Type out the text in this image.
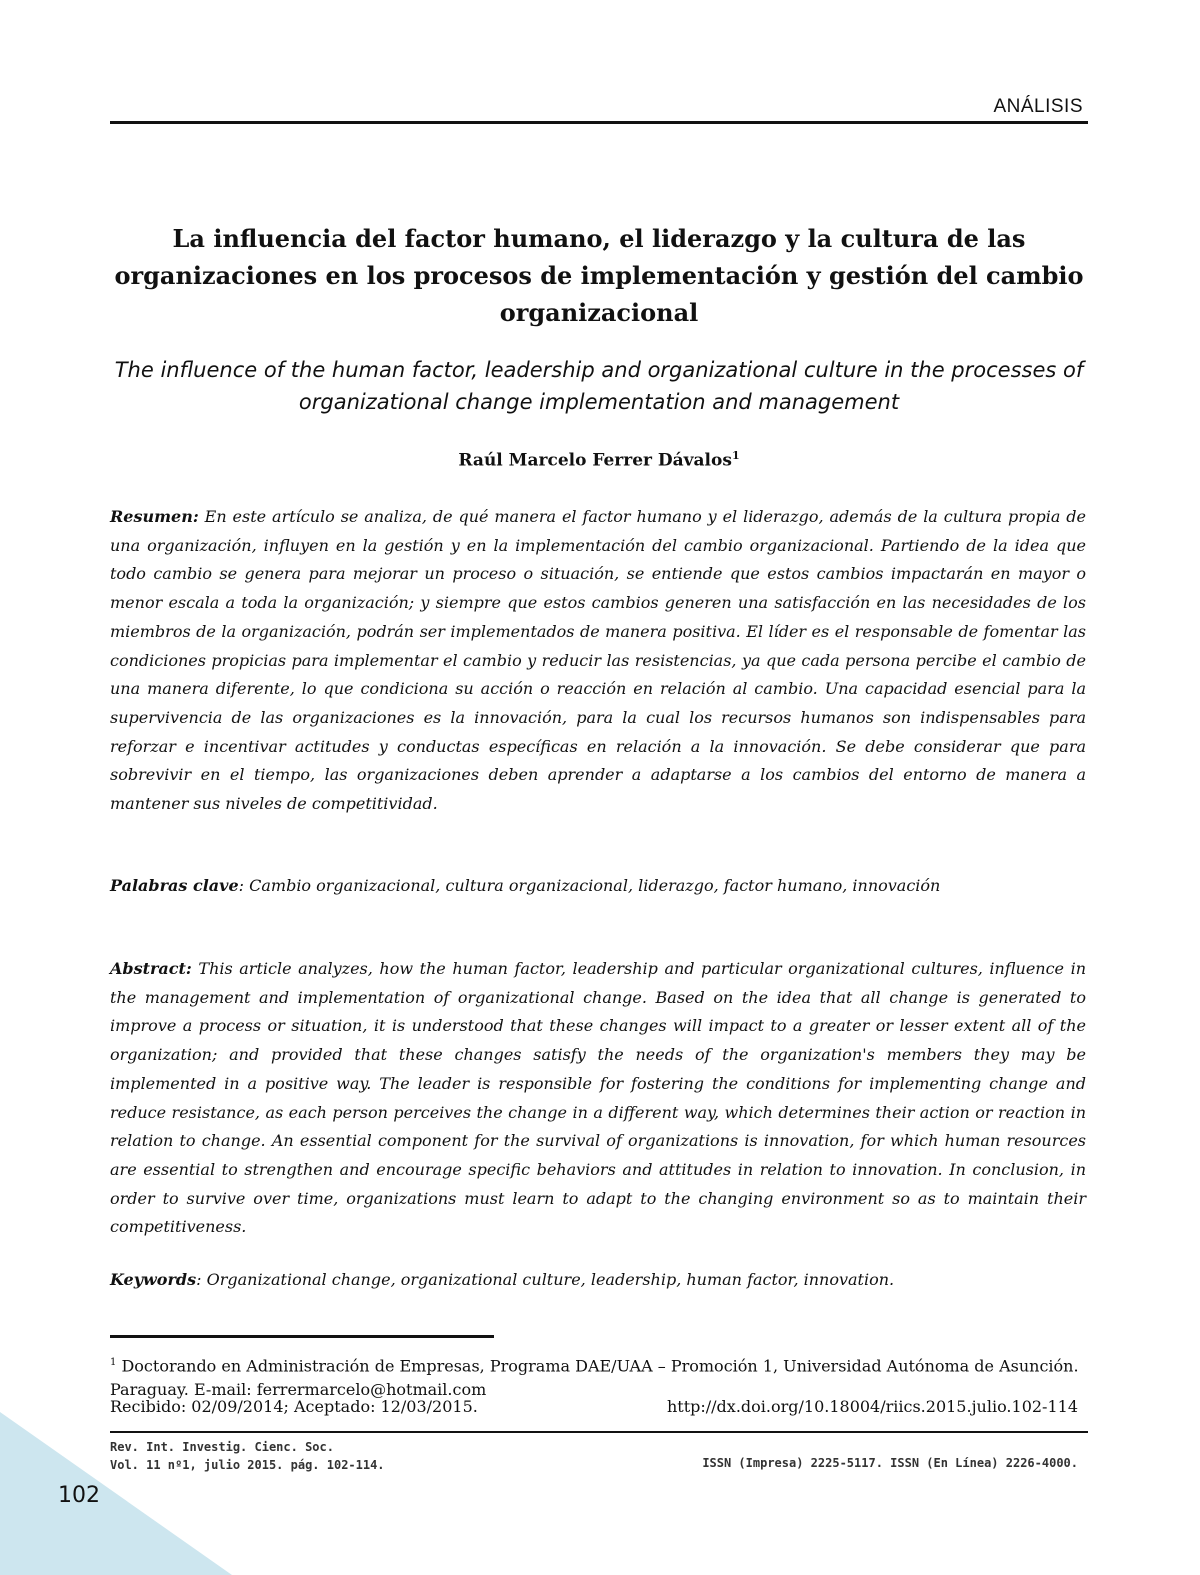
ANÁLISIS
La influencia del factor humano, el liderazgo y la cultura de las organizaciones en los procesos de implementación y gestión del cambio organizacional
The influence of the human factor, leadership and organizational culture in the processes of organizational change implementation and management
Raúl Marcelo Ferrer Dávalos$^1$
Resumen: En este artículo se analiza, de qué manera el factor humano y el liderazgo, además de la cultura propia de una organización, influyen en la gestión y en la implementación del cambio organizacional. Partiendo de la idea que todo cambio se genera para mejorar un proceso o situación, se entiende que estos cambios impactarán en mayor o menor escala a toda la organización; y siempre que estos cambios generen una satisfacción en las necesidades de los miembros de la organización, podrán ser implementados de manera positiva. El líder es el responsable de fomentar las condiciones propicias para implementar el cambio y reducir las resistencias, ya que cada persona percibe el cambio de una manera diferente, lo que condiciona su acción o reacción en relación al cambio. Una capacidad esencial para la supervivencia de las organizaciones es la innovación, para la cual los recursos humanos son indispensables para reforzar e incentivar actitudes y conductas específicas en relación a la innovación. Se debe considerar que para sobrevivir en el tiempo, las organizaciones deben aprender a adaptarse a los cambios del entorno de manera a mantener sus niveles de competitividad.
Palabras clave: Cambio organizacional, cultura organizacional, liderazgo, factor humano, innovación
Abstract: This article analyzes, how the human factor, leadership and particular organizational cultures, influence in the management and implementation of organizational change. Based on the idea that all change is generated to improve a process or situation, it is understood that these changes will impact to a greater or lesser extent all of the organization; and provided that these changes satisfy the needs of the organization's members they may be implemented in a positive way. The leader is responsible for fostering the conditions for implementing change and reduce resistance, as each person perceives the change in a different way, which determines their action or reaction in relation to change. An essential component for the survival of organizations is innovation, for which human resources are essential to strengthen and encourage specific behaviors and attitudes in relation to innovation. In conclusion, in order to survive over time, organizations must learn to adapt to the changing environment so as to maintain their competitiveness.
Keywords: Organizational change, organizational culture, leadership, human factor, innovation.
$^1$ Doctorando en Administración de Empresas, Programa DAE/UAA – Promoción 1, Universidad Autónoma de Asunción. Paraguay. E-mail: ferrermarcelo@hotmail.com
Recibido: 02/09/2014; Aceptado: 12/03/2015.	http://dx.doi.org/10.18004/riics.2015.julio.102-114
Rev. Int. Investig. Cienc. Soc.
Vol. 11 nº1, julio 2015. pág. 102-114.	ISSN (Impresa) 2225-5117. ISSN (En Línea) 2226-4000.
102
